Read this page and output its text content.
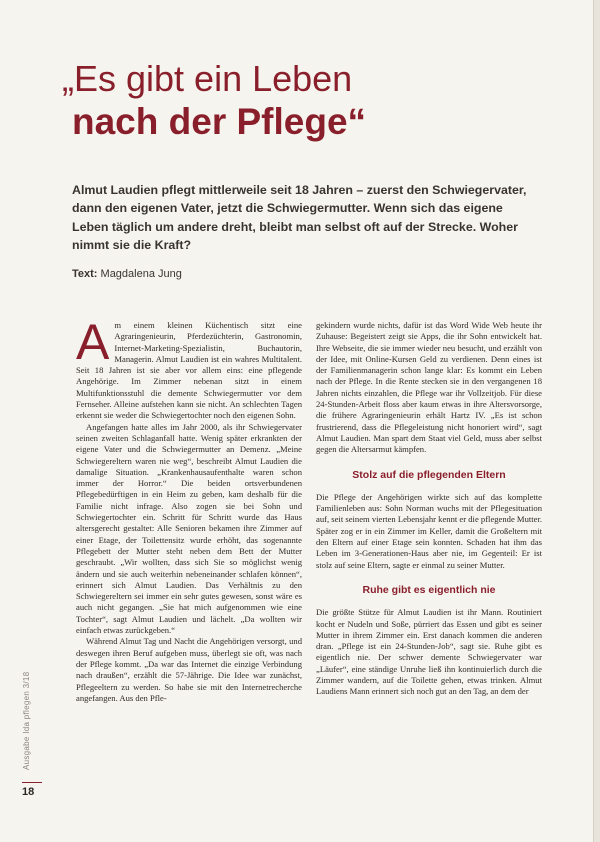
„Es gibt ein Leben
nach der Pflege“

Almut Laudien pflegt mittlerweile seit 18 Jahren – zuerst den Schwiegervater, dann den eigenen Vater, jetzt die Schwiegermutter. Wenn sich das eigene Leben täglich um andere dreht, bleibt man selbst oft auf der Strecke. Woher nimmt sie die Kraft?

Text: Magdalena Jung
A m einem kleinen Küchentisch sitzt eine Agraringenieurin, Pferdezüchterin, Gastronomin, Internet-Marketing-Spezialistin, Buchautorin, Managerin. Almut Laudien ist ein wahres Multitalent. Seit 18 Jahren ist sie aber vor allem eins: eine pflegende Angehörige. Im Zimmer nebenan sitzt in einem Multifunktionsstuhl die demente Schwiegermutter vor dem Fernseher. Alleine aufstehen kann sie nicht. An schlechten Tagen erkennt sie weder die Schwiegertochter noch den eigenen Sohn.

Angefangen hatte alles im Jahr 2000, als ihr Schwiegervater seinen zweiten Schlaganfall hatte. Wenig später erkrankten der eigene Vater und die Schwiegermutter an Demenz. „Meine Schwiegereltern waren nie weg“, beschreibt Almut Laudien die damalige Situation. „Krankenhausaufenthalte waren schon immer der Horror.“ Die beiden ortsverbundenen Pflegebedürftigen in ein Heim zu geben, kam deshalb für die Familie nicht infrage. Also zogen sie bei Sohn und Schwiegertochter ein. Schritt für Schritt wurde das Haus altersgerecht gestaltet: Alle Senioren bekamen ihre Zimmer auf einer Etage, der Toilettensitz wurde erhöht, das sogenannte Pflegebett der Mutter steht neben dem Bett der Mutter geschraubt. „Wir wollten, dass sich Sie so möglichst wenig ändern und sie auch weiterhin nebeneinander schlafen können“, erinnert sich Almut Laudien. Das Verhältnis zu den Schwiegereltern sei immer ein sehr gutes gewesen, sonst wäre es auch nicht gegangen. „Sie hat mich aufgenommen wie eine Tochter“, sagt Almut Laudien und lächelt. „Da wollten wir einfach etwas zurückgeben.“

Während Almut Tag und Nacht die Angehörigen versorgt, und deswegen ihren Beruf aufgeben muss, überlegt sie oft, was nach der Pflege kommt. „Da war das Internet die einzige Verbindung nach draußen“, erzählt die 57-Jährige. Die Idee war zunächst, Pflegeeltern zu werden. So habe sie mit den Internetrecherche angefangen. Aus den Pfle-

gekindern wurde nichts, dafür ist das Word Wide Web heute ihr Zuhause: Begeistert zeigt sie Apps, die ihr Sohn entwickelt hat. Ihre Webseite, die sie immer wieder neu besucht, und erzählt von der Idee, mit Online-Kursen Geld zu verdienen. Denn eines ist der Familienmanagerin schon lange klar: Es kommt ein Leben nach der Pflege. In die Rente stecken sie in den vergangenen 18 Jahren nichts einzahlen, die Pflege war ihr Vollzeitjob. Für diese 24-Stunden-Arbeit floss aber kaum etwas in ihre Altersvorsorge, die frühere Agraringenieurin erhält Hartz IV. „Es ist schon frustrierend, dass die Pflegeleistung nicht honoriert wird“, sagt Almut Laudien. Man spart dem Staat viel Geld, muss aber selbst gegen die Altersarmut kämpfen.

Stolz auf die pflegenden Eltern

Die Pflege der Angehörigen wirkte sich auf das komplette Familienleben aus: Sohn Norman wuchs mit der Pflegesituation auf, seit seinem vierten Lebensjahr kennt er die pflegende Mutter. Später zog er in ein Zimmer im Keller, damit die Großeltern mit den Eltern auf einer Etage sein konnten. Schaden hat ihm das Leben im 3-Generationen-Haus aber nie, im Gegenteil: Er ist stolz auf seine Eltern, sagte er einmal zu seiner Mutter.

Ruhe gibt es eigentlich nie

Die größte Stütze für Almut Laudien ist ihr Mann. Routiniert kocht er Nudeln und Soße, pürriert das Essen und gibt es seiner Mutter in ihrem Zimmer ein. Erst danach kommen die anderen dran. „Pflege ist ein 24-Stunden-Job“, sagt sie. Ruhe gibt es eigentlich nie. Der schwer demente Schwiegervater war „Läufer“, eine ständige Unruhe ließ ihn kontinuierlich durch die Zimmer wandern, auf die Toilette gehen, etwas trinken. Almut Laudiens Mann erinnert sich noch gut an den Tag, an dem der

Ausgabe Ida pflegen 3/18
18
